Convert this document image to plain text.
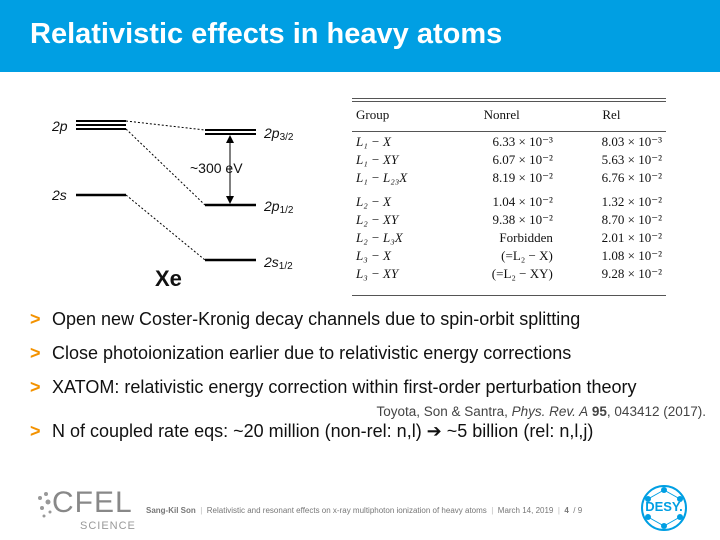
Relativistic effects in heavy atoms
2p
2s
$2p_{3/2}$
$2p_{1/2}$
$2s_{1/2}$
~300 eV
Xe
Group	Nonrel	Rel

L₁ − X	6.33 × 10⁻³	8.03 × 10⁻³
L₁ − XY	6.07 × 10⁻²	5.63 × 10⁻²
L₁ − L₂₃X	8.19 × 10⁻²	6.76 × 10⁻²

L₂ − X	1.04 × 10⁻²	1.32 × 10⁻²
L₂ − XY	9.38 × 10⁻²	8.70 × 10⁻²
L₂ − L₃X	Forbidden	2.01 × 10⁻²
L₃ − X	(=L₂ − X)	1.08 × 10⁻²
L₃ − XY	(=L₂ − XY)	9.28 × 10⁻²
> Open new Coster-Kronig decay channels due to spin-orbit splitting
> Close photoionization earlier due to relativistic energy corrections
> XATOM: relativistic energy correction within first-order perturbation theory
> N of coupled rate eqs: ~20 million (non-rel: n,l) ➔ ~5 billion (rel: n,l,j)
Toyota, Son & Santra, Phys. Rev. A 95, 043412 (2017).
CFEL
SCIENCE
Sang-Kil Son  |  Relativistic and resonant effects on x-ray multiphoton ionization of heavy atoms  |  March 14, 2019  |  4  / 9	DESY.
